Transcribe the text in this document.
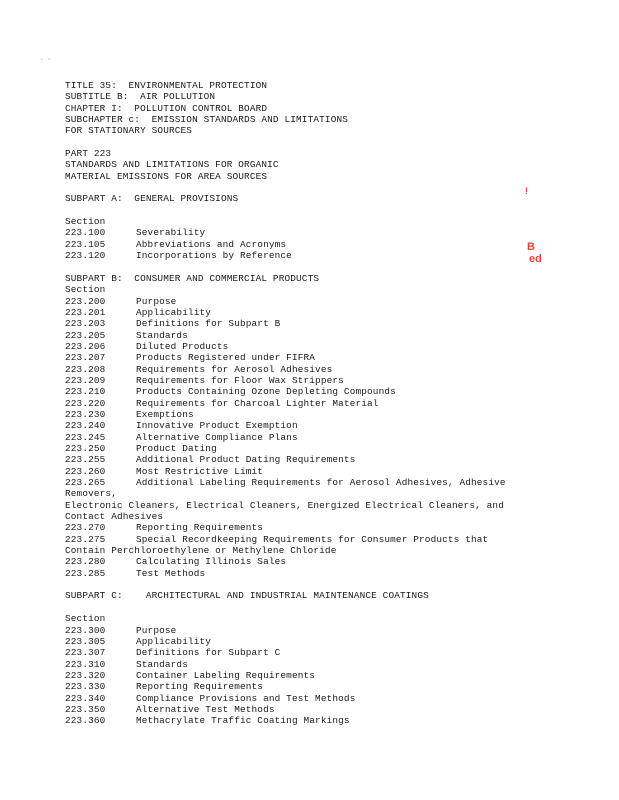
· ·
!
B
ed
TITLE 35:  ENVIRONMENTAL PROTECTION
SUBTITLE B:  AIR POLLUTION
CHAPTER I:  POLLUTION CONTROL BOARD
SUBCHAPTER c:  EMISSION STANDARDS AND LIMITATIONS
FOR STATIONARY SOURCES
PART 223
STANDARDS AND LIMITATIONS FOR ORGANIC
MATERIAL EMISSIONS FOR AREA SOURCES
SUBPART A:  GENERAL PROVISIONS
Section
223.100	Severability
223.105	Abbreviations and Acronyms
223.120	Incorporations by Reference
SUBPART B:  CONSUMER AND COMMERCIAL PRODUCTS
Section
223.200	Purpose
223.201	Applicability
223.203	Definitions for Subpart B
223.205	Standards
223.206	Diluted Products
223.207	Products Registered under FIFRA
223.208	Requirements for Aerosol Adhesives
223.209	Requirements for Floor Wax Strippers
223.210	Products Containing Ozone Depleting Compounds
223.220	Requirements for Charcoal Lighter Material
223.230	Exemptions
223.240	Innovative Product Exemption
223.245	Alternative Compliance Plans
223.250	Product Dating
223.255	Additional Product Dating Requirements
223.260	Most Restrictive Limit
223.265	Additional Labeling Requirements for Aerosol Adhesives, Adhesive
Removers,
Electronic Cleaners, Electrical Cleaners, Energized Electrical Cleaners, and
Contact Adhesives
223.270	Reporting Requirements
223.275	Special Recordkeeping Requirements for Consumer Products that
Contain Perchloroethylene or Methylene Chloride
223.280	Calculating Illinois Sales
223.285	Test Methods
SUBPART C:    ARCHITECTURAL AND INDUSTRIAL MAINTENANCE COATINGS
Section
223.300	Purpose
223.305	Applicability
223.307	Definitions for Subpart C
223.310	Standards
223.320	Container Labeling Requirements
223.330	Reporting Requirements
223.340	Compliance Provisions and Test Methods
223.350	Alternative Test Methods
223.360	Methacrylate Traffic Coating Markings
